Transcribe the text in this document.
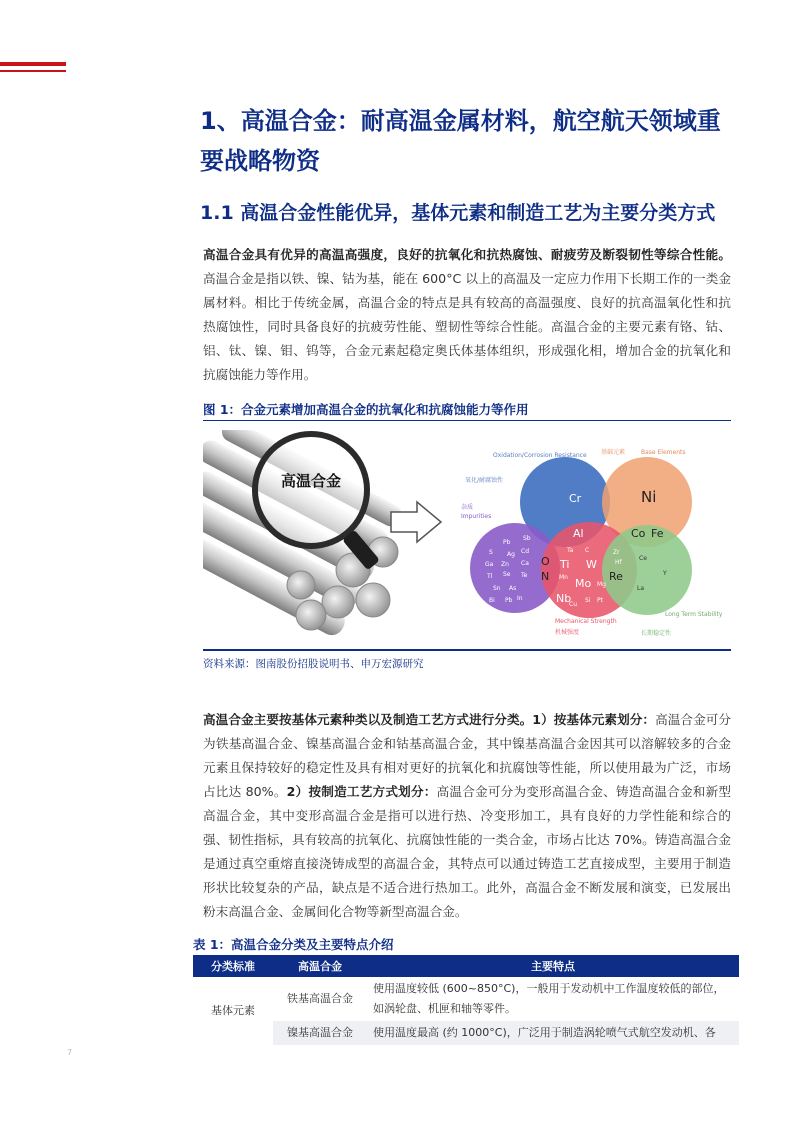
1、高温合金：耐高温金属材料，航空航天领域重要战略物资
1.1 高温合金性能优异，基体元素和制造工艺为主要分类方式
高温合金具有优异的高温高强度，良好的抗氧化和抗热腐蚀、耐疲劳及断裂韧性等综合性能。高温合金是指以铁、镍、钴为基，能在 600°C 以上的高温及一定应力作用下长期工作的一类金属材料。相比于传统金属，高温合金的特点是具有较高的高温强度、良好的抗高温氧化性和抗热腐蚀性，同时具备良好的抗疲劳性能、塑韧性等综合性能。高温合金的主要元素有铬、钴、铝、钛、镍、钼、钨等，合金元素起稳定奥氏体基体组织，形成强化相，增加合金的抗氧化和抗腐蚀能力等作用。
图 1：合金元素增加高温合金的抗氧化和抗腐蚀能力等作用
高温合金
Oxidation/Corrosion Resistance
氧化/耐腐蚀性
Base Elements
基础元素
Impurities
杂质
Mechanical Strength
机械强度
Long Term Stability
长期稳定性
Cr	Ni
Al
Ti W
Mo
Nb
Co Fe
Re
O
N
Pb
Sb
S Ag Cd
Ga Zn Ca
Tl Se Te
Sn As
Bi Pb In
Ta C	Zr
Hf
Ce
Y
La
Mn
Mg
Cu
Si Pt
资料来源：图南股份招股说明书、申万宏源研究
高温合金主要按基体元素种类以及制造工艺方式进行分类。1）按基体元素划分：高温合金可分为铁基高温合金、镍基高温合金和钴基高温合金，其中镍基高温合金因其可以溶解较多的合金元素且保持较好的稳定性及具有相对更好的抗氧化和抗腐蚀等性能，所以使用最为广泛，市场占比达 80%。2）按制造工艺方式划分：高温合金可分为变形高温合金、铸造高温合金和新型高温合金，其中变形高温合金是指可以进行热、冷变形加工，具有良好的力学性能和综合的强、韧性指标，具有较高的抗氧化、抗腐蚀性能的一类合金，市场占比达 70%。铸造高温合金是通过真空重熔直接浇铸成型的高温合金，其特点可以通过铸造工艺直接成型，主要用于制造形状比较复杂的产品，缺点是不适合进行热加工。此外，高温合金不断发展和演变，已发展出粉末高温合金、金属间化合物等新型高温合金。
表 1：高温合金分类及主要特点介绍
分类标准	高温合金	主要特点
基体元素	铁基高温合金	使用温度较低 (600~850°C)，一般用于发动机中工作温度较低的部位，如涡轮盘、机匣和轴等零件。
	镍基高温合金	使用温度最高 (约 1000°C)，广泛用于制造涡轮喷气式航空发动机、各
7
